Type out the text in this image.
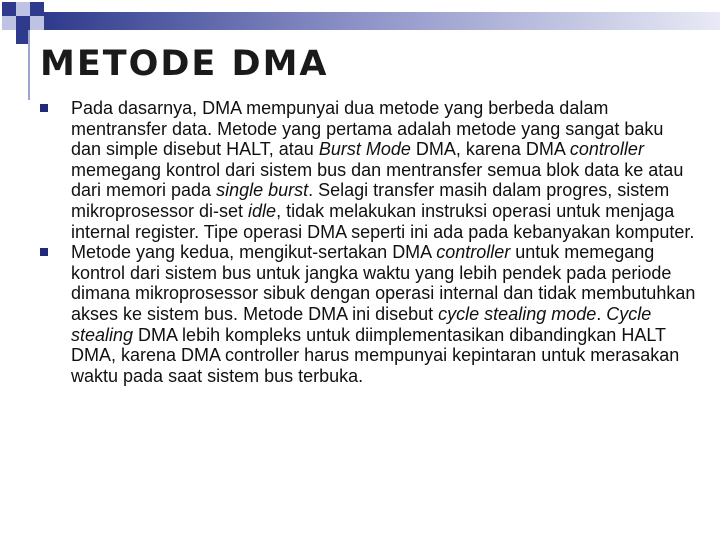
METODE DMA
Pada dasarnya, DMA mempunyai dua metode yang berbeda dalam mentransfer data. Metode yang pertama adalah metode yang sangat baku dan simple disebut HALT, atau Burst Mode DMA, karena DMA controller memegang kontrol dari sistem bus dan mentransfer semua blok data ke atau dari memori pada single burst. Selagi transfer masih dalam progres, sistem mikroprosessor di-set idle, tidak melakukan instruksi operasi untuk menjaga internal register. Tipe operasi DMA seperti ini ada pada kebanyakan komputer.
Metode yang kedua, mengikut-sertakan DMA controller untuk memegang kontrol dari sistem bus untuk jangka waktu yang lebih pendek pada periode dimana mikroprosessor sibuk dengan operasi internal dan tidak membutuhkan akses ke sistem bus. Metode DMA ini disebut cycle stealing mode. Cycle stealing DMA lebih kompleks untuk diimplementasikan dibandingkan HALT DMA, karena DMA controller harus mempunyai kepintaran untuk merasakan waktu pada saat sistem bus terbuka.
